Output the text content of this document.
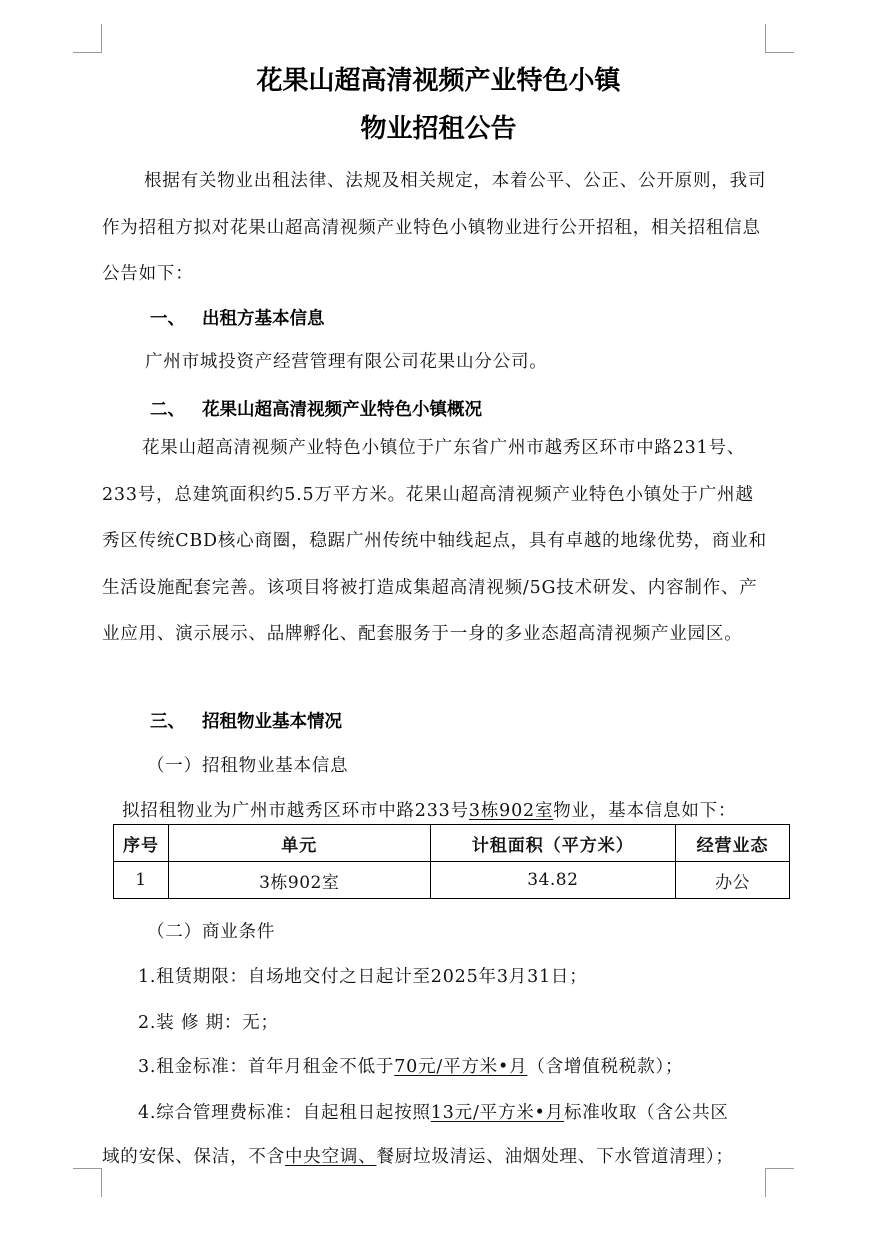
花果山超高清视频产业特色小镇
物业招租公告
根据有关物业出租法律、法规及相关规定，本着公平、公正、公开原则，我司作为招租方拟对花果山超高清视频产业特色小镇物业进行公开招租，相关招租信息公告如下：
一、 出租方基本信息
广州市城投资产经营管理有限公司花果山分公司。
二、 花果山超高清视频产业特色小镇概况
花果山超高清视频产业特色小镇位于广东省广州市越秀区环市中路231号、233号，总建筑面积约5.5万平方米。花果山超高清视频产业特色小镇处于广州越秀区传统CBD核心商圈，稳踞广州传统中轴线起点，具有卓越的地缘优势，商业和生活设施配套完善。该项目将被打造成集超高清视频/5G技术研发、内容制作、产业应用、演示展示、品牌孵化、配套服务于一身的多业态超高清视频产业园区。
三、 招租物业基本情况
（一）招租物业基本信息
拟招租物业为广州市越秀区环市中路233号3栋902室物业，基本信息如下：
序号	单元	计租面积（平方米）	经营业态
1	3栋902室	34.82	办公
（二）商业条件
1.租赁期限：自场地交付之日起计至2025年3月31日；
2.装 修 期：无；
3.租金标准：首年月租金不低于70元/平方米•月（含增值税税款）；
4.综合管理费标准：自起租日起按照13元/平方米•月标准收取（含公共区
域的安保、保洁，不含中央空调、餐厨垃圾清运、油烟处理、下水管道清理）；
